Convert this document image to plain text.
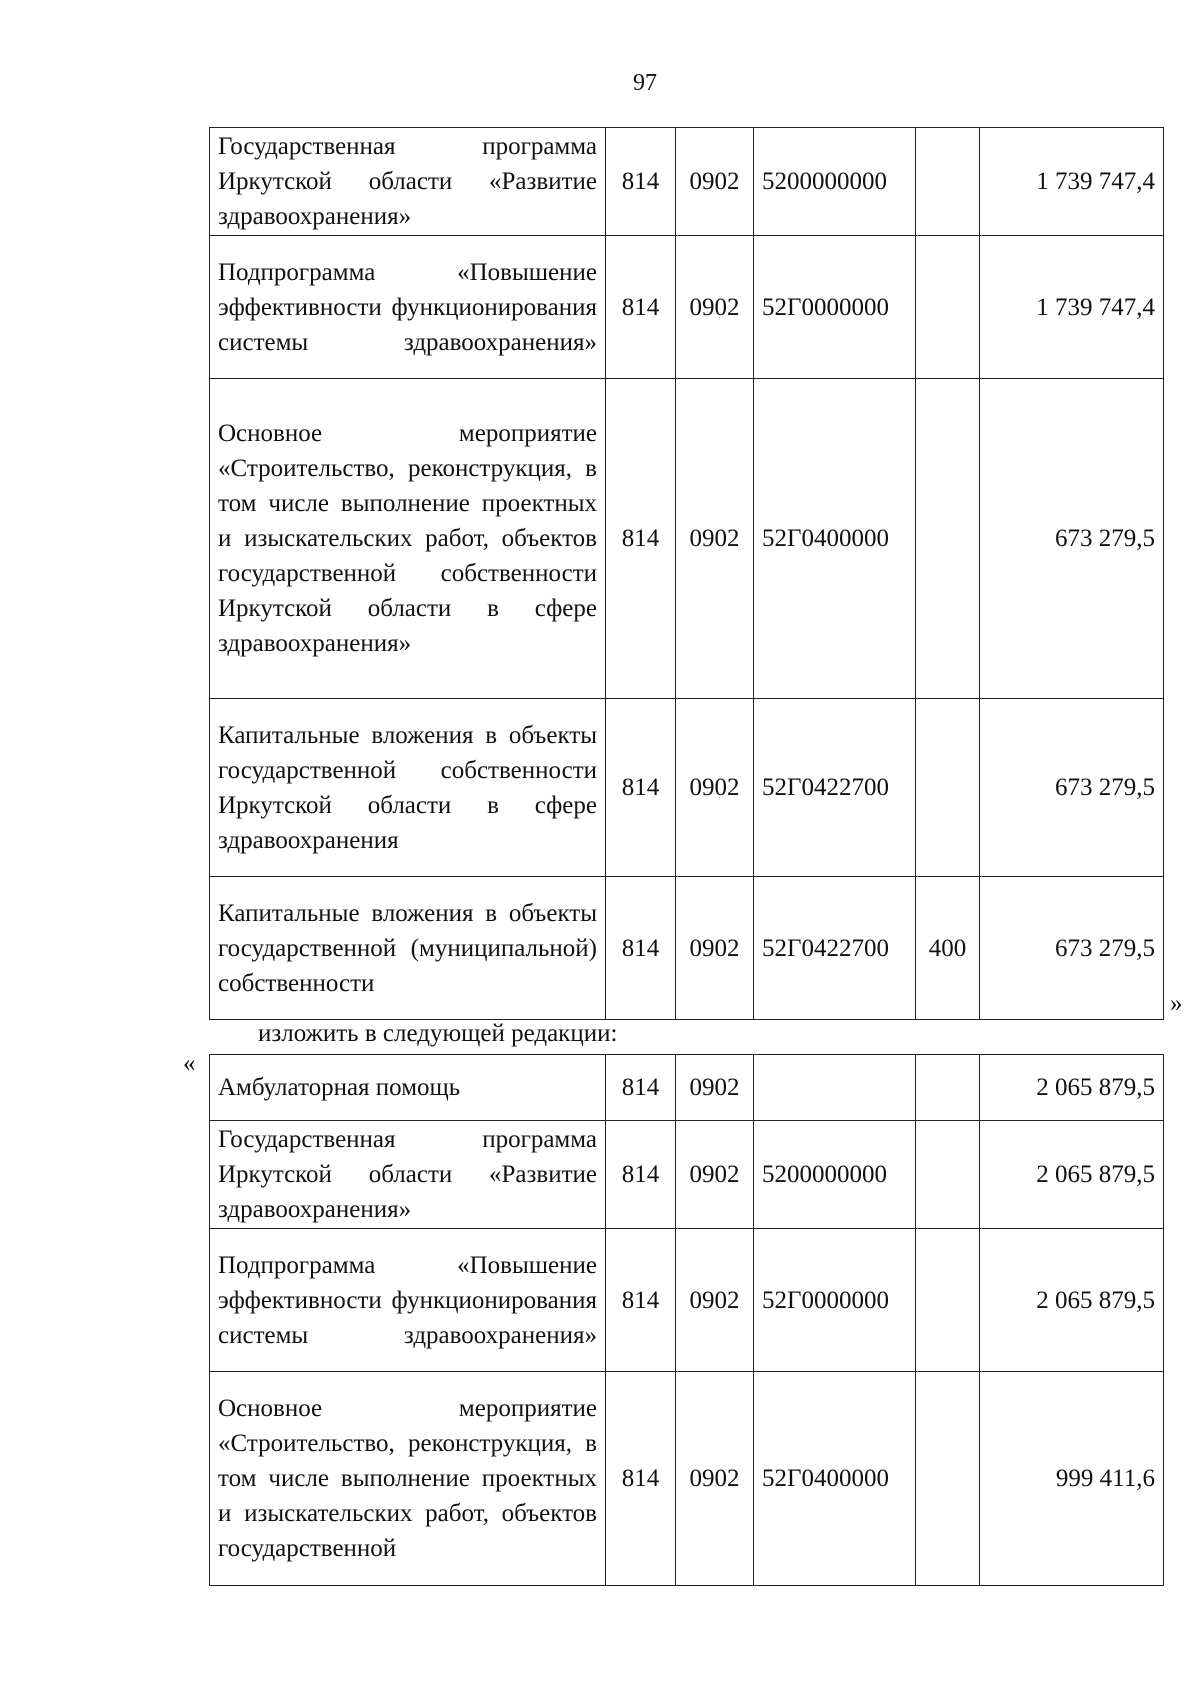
97
Государственная программа Иркутской области «Развитие здравоохранения»	814	0902	5200000000		1 739 747,4
Подпрограмма «Повышение эффективности функционирования системы здравоохранения»	814	0902	52Г0000000		1 739 747,4
Основное мероприятие «Строительство, реконструкция, в том числе выполнение проектных и изыскательских работ, объектов государственной собственности Иркутской области в сфере здравоохранения»	814	0902	52Г0400000		673 279,5
Капитальные вложения в объекты государственной собственности Иркутской области в сфере здравоохранения	814	0902	52Г0422700		673 279,5
Капитальные вложения в объекты государственной (муниципальной) собственности	814	0902	52Г0422700	400	673 279,5
»
изложить в следующей редакции:
«
Амбулаторная помощь	814	0902			2 065 879,5
Государственная программа Иркутской области «Развитие здравоохранения»	814	0902	5200000000		2 065 879,5
Подпрограмма «Повышение эффективности функционирования системы здравоохранения»	814	0902	52Г0000000		2 065 879,5
Основное мероприятие «Строительство, реконструкция, в том числе выполнение проектных и изыскательских работ, объектов государственной	814	0902	52Г0400000		999 411,6
